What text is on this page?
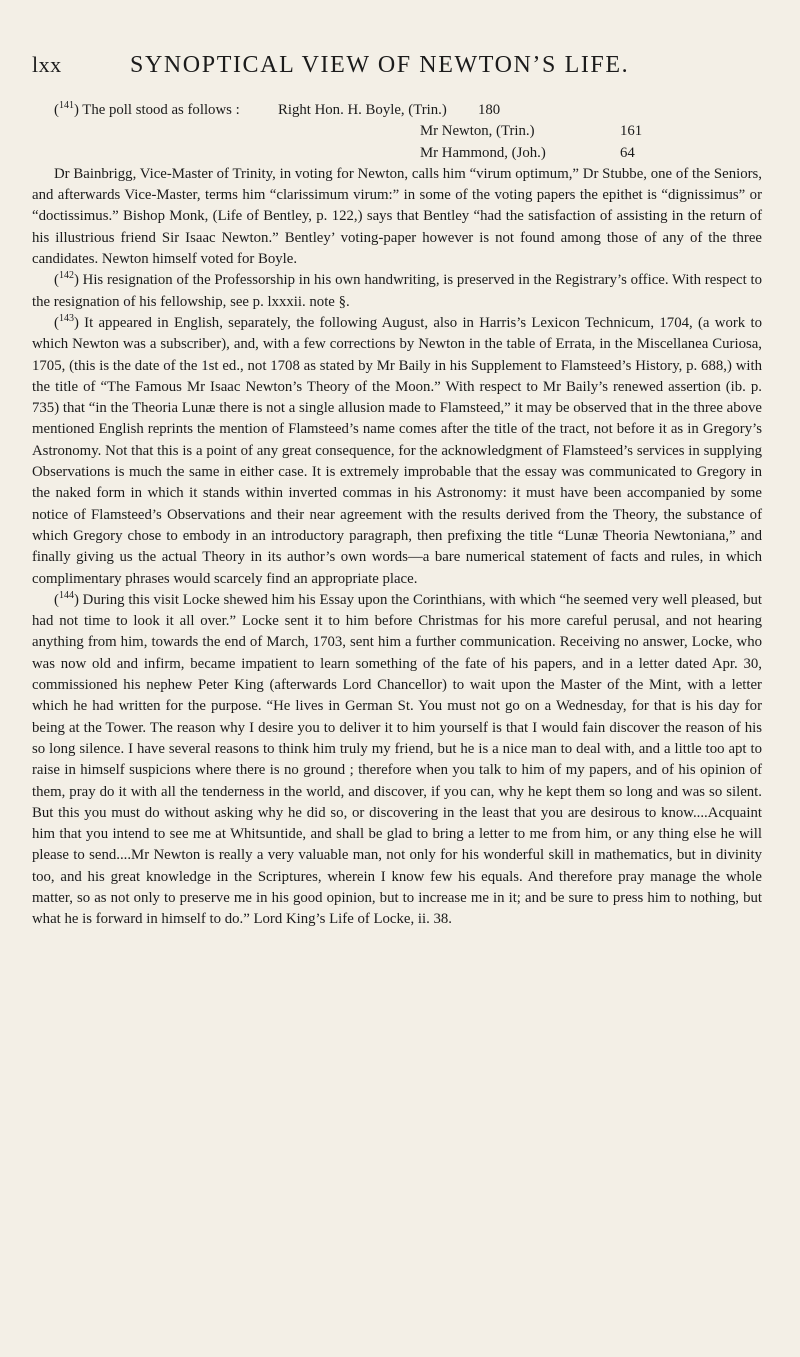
lxx	SYNOPTICAL VIEW OF NEWTON’S LIFE.
($^{141}$) The poll stood as follows :	Right Hon. H. Boyle, (Trin.)	180
Mr Newton, (Trin.)	161
Mr Hammond, (Joh.)	64

Dr Bainbrigg, Vice-Master of Trinity, in voting for Newton, calls him “virum optimum,” Dr Stubbe, one of the Seniors, and afterwards Vice-Master, terms him “clarissimum virum:” in some of the voting papers the epithet is “dignissimus” or “doctissimus.” Bishop Monk, (Life of Bentley, p. 122,) says that Bentley “had the satisfaction of assisting in the return of his illustrious friend Sir Isaac Newton.” Bentley’ voting-paper however is not found among those of any of the three candidates. Newton himself voted for Boyle.

($^{142}$) His resignation of the Professorship in his own handwriting, is preserved in the Registrary’s office. With respect to the resignation of his fellowship, see p. lxxxii. note §.

($^{143}$) It appeared in English, separately, the following August, also in Harris’s Lexicon Technicum, 1704, (a work to which Newton was a subscriber), and, with a few corrections by Newton in the table of Errata, in the Miscellanea Curiosa, 1705, (this is the date of the 1st ed., not 1708 as stated by Mr Baily in his Supplement to Flamsteed’s History, p. 688,) with the title of “The Famous Mr Isaac Newton’s Theory of the Moon.” With respect to Mr Baily’s renewed assertion (ib. p. 735) that “in the Theoria Lunæ there is not a single allusion made to Flamsteed,” it may be observed that in the three above mentioned English reprints the mention of Flamsteed’s name comes after the title of the tract, not before it as in Gregory’s Astronomy. Not that this is a point of any great consequence, for the acknowledgment of Flamsteed’s services in supplying Observations is much the same in either case. It is extremely improbable that the essay was communicated to Gregory in the naked form in which it stands within inverted commas in his Astronomy: it must have been accompanied by some notice of Flamsteed’s Observations and their near agreement with the results derived from the Theory, the substance of which Gregory chose to embody in an introductory paragraph, then prefixing the title “Lunæ Theoria Newtoniana,” and finally giving us the actual Theory in its author’s own words—a bare numerical statement of facts and rules, in which complimentary phrases would scarcely find an appropriate place.

($^{144}$) During this visit Locke shewed him his Essay upon the Corinthians, with which “he seemed very well pleased, but had not time to look it all over.” Locke sent it to him before Christmas for his more careful perusal, and not hearing anything from him, towards the end of March, 1703, sent him a further communication. Receiving no answer, Locke, who was now old and infirm, became impatient to learn something of the fate of his papers, and in a letter dated Apr. 30, commissioned his nephew Peter King (afterwards Lord Chancellor) to wait upon the Master of the Mint, with a letter which he had written for the purpose. “He lives in German St. You must not go on a Wednesday, for that is his day for being at the Tower. The reason why I desire you to deliver it to him yourself is that I would fain discover the reason of his so long silence. I have several reasons to think him truly my friend, but he is a nice man to deal with, and a little too apt to raise in himself suspicions where there is no ground ; therefore when you talk to him of my papers, and of his opinion of them, pray do it with all the tenderness in the world, and discover, if you can, why he kept them so long and was so silent. But this you must do without asking why he did so, or discovering in the least that you are desirous to know....Acquaint him that you intend to see me at Whitsuntide, and shall be glad to bring a letter to me from him, or any thing else he will please to send....Mr Newton is really a very valuable man, not only for his wonderful skill in mathematics, but in divinity too, and his great knowledge in the Scriptures, wherein I know few his equals. And therefore pray manage the whole matter, so as not only to preserve me in his good opinion, but to increase me in it; and be sure to press him to nothing, but what he is forward in himself to do.” Lord King’s Life of Locke, ii. 38.
